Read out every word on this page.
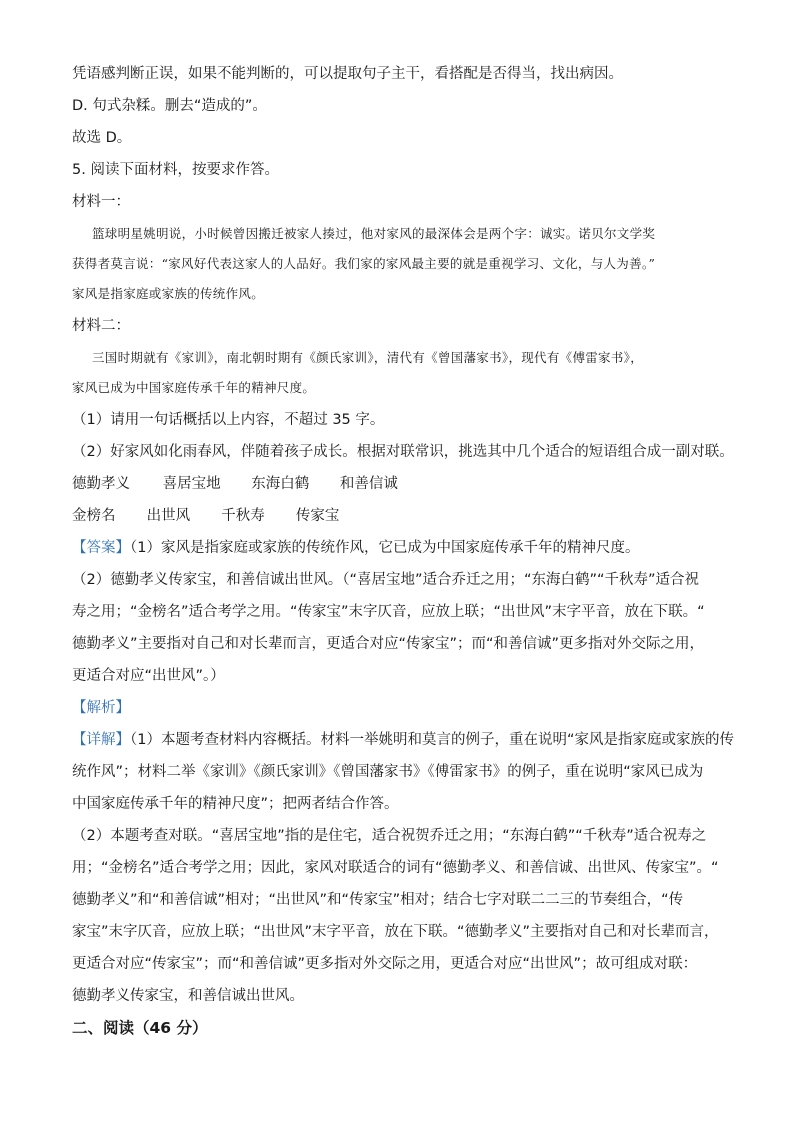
凭语感判断正误，如果不能判断的，可以提取句子主干，看搭配是否得当，找出病因。
D. 句式杂糅。删去“造成的”。
故选 D。
5. 阅读下面材料，按要求作答。
材料一：
篮球明星姚明说，小时候曾因搬迁被家人揍过，他对家风的最深体会是两个字：诚实。诺贝尔文学奖
获得者莫言说：“家风好代表这家人的人品好。我们家的家风最主要的就是重视学习、文化，与人为善。”
家风是指家庭或家族的传统作风。
材料二：
三国时期就有《家训》，南北朝时期有《颜氏家训》，清代有《曾国藩家书》，现代有《傅雷家书》，
家风已成为中国家庭传承千年的精神尺度。
（1）请用一句话概括以上内容，不超过 35 字。
（2）好家风如化雨春风，伴随着孩子成长。根据对联常识，挑选其中几个适合的短语组合成一副对联。
德勤孝义 喜居宝地 东海白鹤 和善信诚
金榜名 出世风 千秋寿 传家宝
【答案】（1）家风是指家庭或家族的传统作风，它已成为中国家庭传承千年的精神尺度。
（2）德勤孝义传家宝，和善信诚出世风。（“喜居宝地”适合乔迁之用；“东海白鹤”“千秋寿”适合祝
寿之用；“金榜名”适合考学之用。“传家宝”末字仄音，应放上联；“出世风”末字平音，放在下联。“
德勤孝义”主要指对自己和对长辈而言，更适合对应“传家宝”；而“和善信诚”更多指对外交际之用，
更适合对应“出世风”。）
【解析】
【详解】（1）本题考查材料内容概括。材料一举姚明和莫言的例子，重在说明“家风是指家庭或家族的传
统作风”；材料二举《家训》《颜氏家训》《曾国藩家书》《傅雷家书》的例子，重在说明“家风已成为
中国家庭传承千年的精神尺度”；把两者结合作答。
（2）本题考查对联。“喜居宝地”指的是住宅，适合祝贺乔迁之用；“东海白鹤”“千秋寿”适合祝寿之
用；“金榜名”适合考学之用；因此，家风对联适合的词有“德勤孝义、和善信诚、出世风、传家宝”。“
德勤孝义”和“和善信诚”相对；“出世风”和“传家宝”相对；结合七字对联二二三的节奏组合，“传
家宝”末字仄音，应放上联；“出世风”末字平音，放在下联。“德勤孝义”主要指对自己和对长辈而言，
更适合对应“传家宝”；而“和善信诚”更多指对外交际之用，更适合对应“出世风”；故可组成对联：
德勤孝义传家宝，和善信诚出世风。
二、阅读（46 分）
